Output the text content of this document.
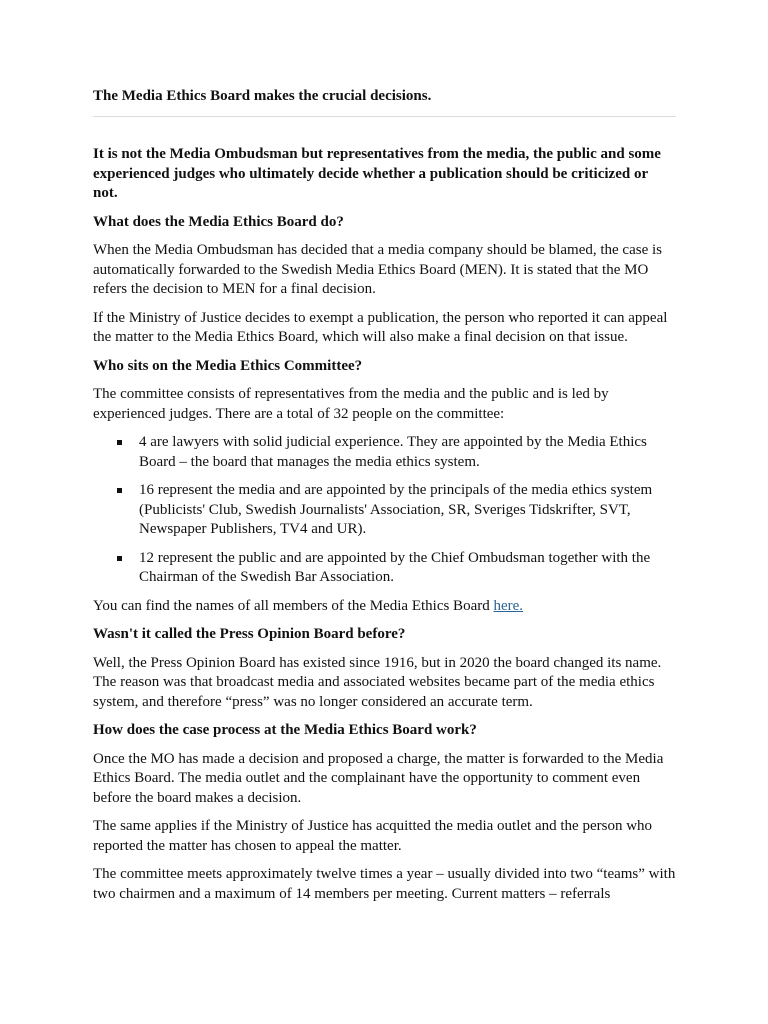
The Media Ethics Board makes the crucial decisions.

It is not the Media Ombudsman but representatives from the media, the public and some experienced judges who ultimately decide whether a publication should be criticized or not.

What does the Media Ethics Board do?

When the Media Ombudsman has decided that a media company should be blamed, the case is automatically forwarded to the Swedish Media Ethics Board (MEN). It is stated that the MO refers the decision to MEN for a final decision.

If the Ministry of Justice decides to exempt a publication, the person who reported it can appeal the matter to the Media Ethics Board, which will also make a final decision on that issue.

Who sits on the Media Ethics Committee?

The committee consists of representatives from the media and the public and is led by experienced judges. There are a total of 32 people on the committee:

4 are lawyers with solid judicial experience. They are appointed by the Media Ethics Board – the board that manages the media ethics system.
16 represent the media and are appointed by the principals of the media ethics system (Publicists' Club, Swedish Journalists' Association, SR, Sveriges Tidskrifter, SVT, Newspaper Publishers, TV4 and UR).
12 represent the public and are appointed by the Chief Ombudsman together with the Chairman of the Swedish Bar Association.

You can find the names of all members of the Media Ethics Board here.

Wasn't it called the Press Opinion Board before?

Well, the Press Opinion Board has existed since 1916, but in 2020 the board changed its name. The reason was that broadcast media and associated websites became part of the media ethics system, and therefore “press” was no longer considered an accurate term.

How does the case process at the Media Ethics Board work?

Once the MO has made a decision and proposed a charge, the matter is forwarded to the Media Ethics Board. The media outlet and the complainant have the opportunity to comment even before the board makes a decision.

The same applies if the Ministry of Justice has acquitted the media outlet and the person who reported the matter has chosen to appeal the matter.

The committee meets approximately twelve times a year – usually divided into two “teams” with two chairmen and a maximum of 14 members per meeting. Current matters – referrals
